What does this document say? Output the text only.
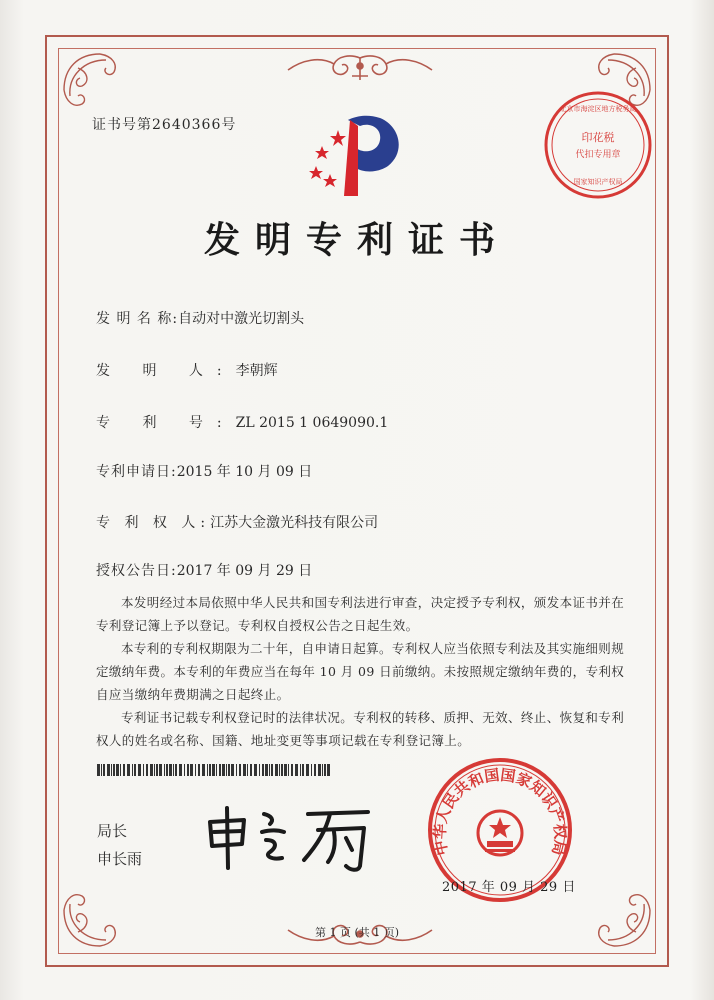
证书号第2640366号
印花税
代扣专用章
北京市海淀区地方税务局
国家知识产权局
发明专利证书
发 明 名 称:自动对中激光切割头
发 明 人:李朝辉
专 利 号:ZL 2015 1 0649090.1
专利申请日:2015 年 10 月 09 日
专 利 权 人:江苏大金激光科技有限公司
授权公告日:2017 年 09 月 29 日

本发明经过本局依照中华人民共和国专利法进行审查，决定授予专利权，颁发本证书并在专利登记簿上予以登记。专利权自授权公告之日起生效。

本专利的专利权期限为二十年，自申请日起算。专利权人应当依照专利法及其实施细则规定缴纳年费。本专利的年费应当在每年 10 月 09 日前缴纳。未按照规定缴纳年费的，专利权自应当缴纳年费期满之日起终止。

专利证书记载专利权登记时的法律状况。专利权的转移、质押、无效、终止、恢复和专利权人的姓名或名称、国籍、地址变更等事项记载在专利登记簿上。

局长
申长雨
中华人民共和国国家知识产权局
2017 年 09 月 29 日
第 1 页 (共 1 页)
